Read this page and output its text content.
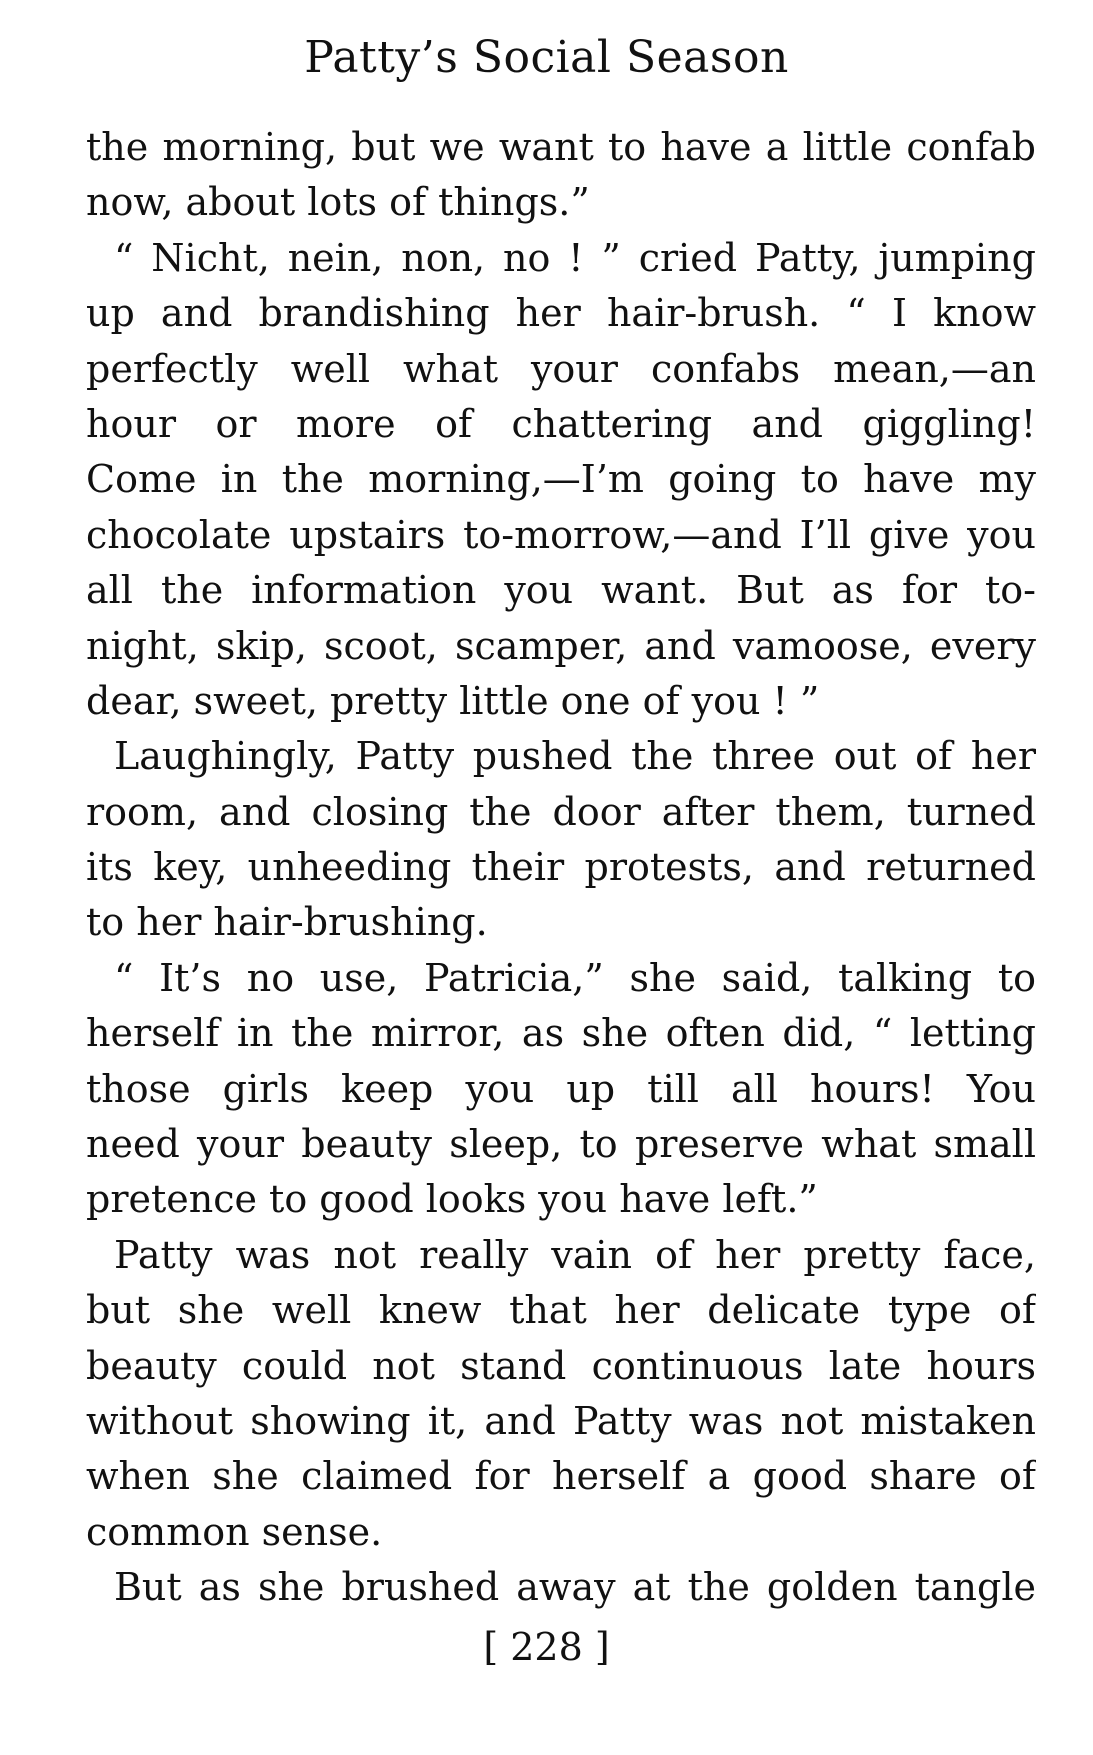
Patty’s Social Season
the morning, but we want to have a little confab
now, about lots of things.”
“ Nicht, nein, non, no ! ” cried Patty, jumping
up and brandishing her hair-brush. “ I know
perfectly well what your confabs mean,—an
hour or more of chattering and giggling!
Come in the morning,—I’m going to have my
chocolate upstairs to-morrow,—and I’ll give you
all the information you want. But as for to-
night, skip, scoot, scamper, and vamoose, every
dear, sweet, pretty little one of you ! ”
Laughingly, Patty pushed the three out of her
room, and closing the door after them, turned
its key, unheeding their protests, and returned
to her hair-brushing.
“ It’s no use, Patricia,” she said, talking to
herself in the mirror, as she often did, “ letting
those girls keep you up till all hours! You
need your beauty sleep, to preserve what small
pretence to good looks you have left.”
Patty was not really vain of her pretty face,
but she well knew that her delicate type of
beauty could not stand continuous late hours
without showing it, and Patty was not mistaken
when she claimed for herself a good share of
common sense.
But as she brushed away at the golden tangle
[ 228 ]
